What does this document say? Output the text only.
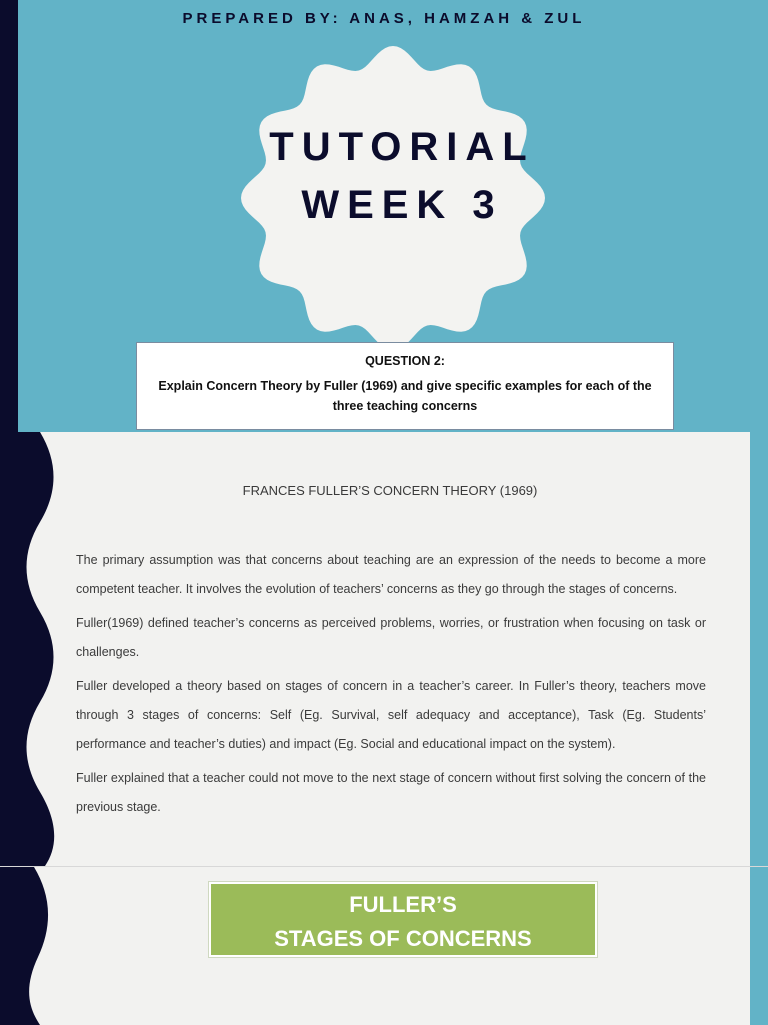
PREPARED BY: ANAS, HAMZAH & ZUL
TUTORIAL
WEEK 3
QUESTION 2:
Explain Concern Theory by Fuller (1969) and give specific examples for each of the
three teaching concerns
FRANCES FULLER’S CONCERN THEORY (1969)

The primary assumption was that concerns about teaching are an expression of the needs to become a more competent teacher. It involves the evolution of teachers’ concerns as they go through the stages of concerns.

Fuller(1969) defined teacher’s concerns as perceived problems, worries, or frustration when focusing on task or challenges.

Fuller developed a theory based on stages of concern in a teacher’s career. In Fuller’s theory, teachers move through 3 stages of concerns: Self (Eg. Survival, self adequacy and acceptance), Task (Eg. Students’ performance and teacher’s duties) and impact (Eg. Social and educational impact on the system).

Fuller explained that a teacher could not move to the next stage of concern without first solving the concern of the previous stage.

FULLER’S
STAGES OF CONCERNS
